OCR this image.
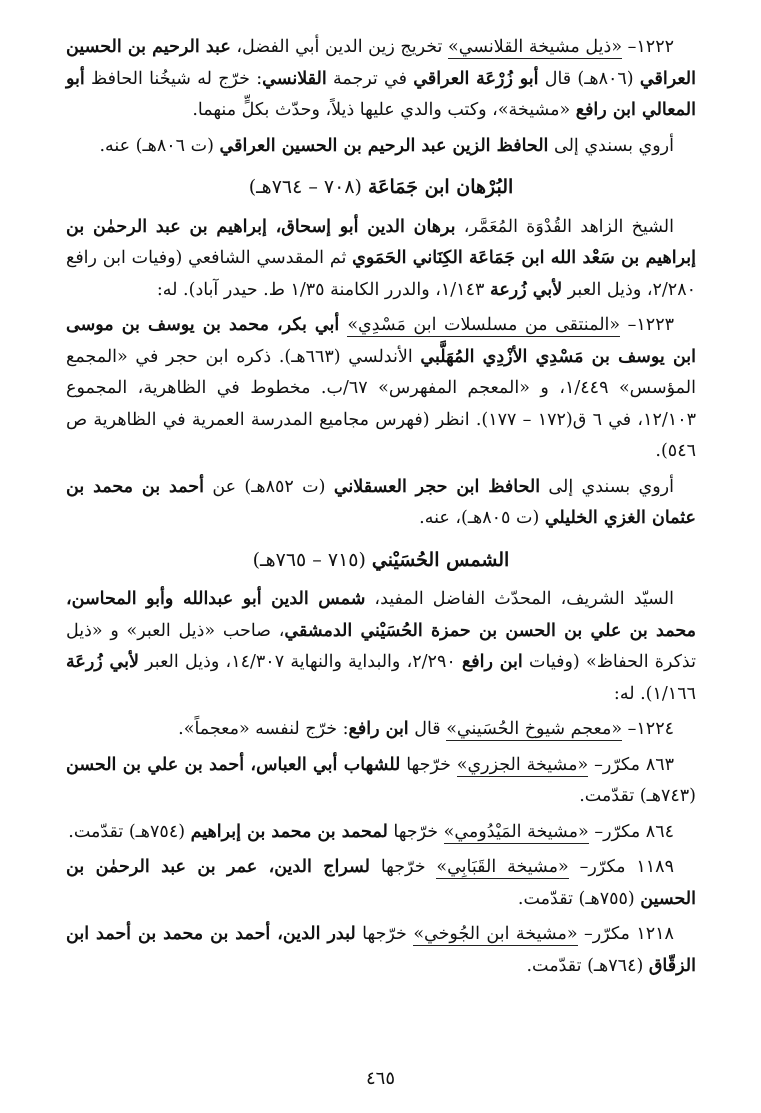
١٢٢٢– «ذيل مشيخة القلانسي» تخريج زين الدين أبي الفضل، عبد الرحيم بن الحسين العراقي (٨٠٦هـ) قال أبو زُرْعَة العراقي في ترجمة القلانسي: خرّج له شيخُنا الحافظ أبو المعالي ابن رافع «مشيخة»، وكتب والدي عليها ذيلاً، وحدّث بكلٍّ منهما.

أروي بسندي إلى الحافظ الزين عبد الرحيم بن الحسين العراقي (ت ٨٠٦هـ) عنه.

البُرْهان ابن جَمَاعَة(٧٠٨ – ٧٦٤هـ)

الشيخ الزاهد القُدْوَة المُعَمَّر، برهان الدين أبو إسحاق، إبراهيم بن عبد الرحمٰن بن إبراهيم بن سَعْد الله ابن جَمَاعَة الكِنَاني الحَمَوي ثم المقدسي الشافعي (وفيات ابن رافع ٢/٢٨٠، وذيل العبر لأبي زُرعة ١/١٤٣، والدرر الكامنة ١/٣٥ ط. حيدر آباد). له:

١٢٢٣– «المنتقى من مسلسلات ابن مَسْدِي» أبي بكر، محمد بن يوسف بن موسى ابن يوسف بن مَسْدِي الأزْدِي المُهَلَّبي الأندلسي (٦٦٣هـ). ذكره ابن حجر في «المجمع المؤسس» ١/٤٤٩، و «المعجم المفهرس» ٦٧/ب. مخطوط في الظاهرية، المجموع ١٢/١٠٣، في ٦ ق(١٧٢ – ١٧٧). انظر (فهرس مجاميع المدرسة العمرية في الظاهرية ص ٥٤٦).

أروي بسندي إلى الحافظ ابن حجر العسقلاني (ت ٨٥٢هـ) عن أحمد بن محمد بن عثمان الغزي الخليلي (ت ٨٠٥هـ)، عنه.

الشمس الحُسَيْني(٧١٥ – ٧٦٥هـ)

السيّد الشريف، المحدّث الفاضل المفيد، شمس الدين أبو عبدالله وأبو المحاسن، محمد بن علي بن الحسن بن حمزة الحُسَيْني الدمشقي، صاحب «ذيل العبر» و «ذيل تذكرة الحفاظ» (وفيات ابن رافع ٢/٢٩٠، والبداية والنهاية ١٤/٣٠٧، وذيل العبر لأبي زُرعَة ١/١٦٦). له:

١٢٢٤– «معجم شيوخ الحُسَيني» قال ابن رافع: خرّج لنفسه «معجماً».

٨٦٣ مكرّر– «مشيخة الجزري» خرّجها للشهاب أبي العباس، أحمد بن علي بن الحسن (٧٤٣هـ) تقدّمت.

٨٦٤ مكرّر– «مشيخة المَيْدُومي» خرّجها لمحمد بن محمد بن إبراهيم (٧٥٤هـ) تقدّمت.

١١٨٩ مكرّر– «مشيخة القَبَابِي» خرّجها لسراج الدين، عمر بن عبد الرحمٰن بن الحسين (٧٥٥هـ) تقدّمت.

١٢١٨ مكرّر– «مشيخة ابن الجُوخي» خرّجها لبدر الدين، أحمد بن محمد بن أحمد ابن الزقّاق (٧٦٤هـ) تقدّمت.

٤٦٥
